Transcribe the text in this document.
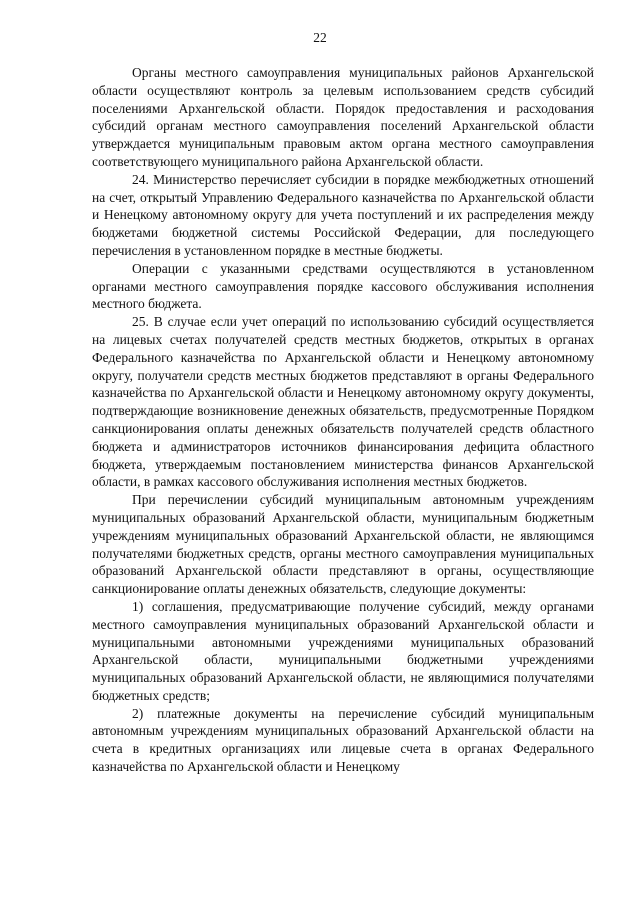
22

Органы местного самоуправления муниципальных районов Архангельской области осуществляют контроль за целевым использованием средств субсидий поселениями Архангельской области. Порядок предоставления и расходования субсидий органам местного самоуправления поселений Архангельской области утверждается муниципальным правовым актом органа местного самоуправления соответствующего муниципального района Архангельской области.

24. Министерство перечисляет субсидии в порядке межбюджетных отношений на счет, открытый Управлению Федерального казначейства по Архангельской области и Ненецкому автономному округу для учета поступлений и их распределения между бюджетами бюджетной системы Российской Федерации, для последующего перечисления в установленном порядке в местные бюджеты.

Операции с указанными средствами осуществляются в установленном органами местного самоуправления порядке кассового обслуживания исполнения местного бюджета.

25. В случае если учет операций по использованию субсидий осуществляется на лицевых счетах получателей средств местных бюджетов, открытых в органах Федерального казначейства по Архангельской области и Ненецкому автономному округу, получатели средств местных бюджетов представляют в органы Федерального казначейства по Архангельской области и Ненецкому автономному округу документы, подтверждающие возникновение денежных обязательств, предусмотренные Порядком санкционирования оплаты денежных обязательств получателей средств областного бюджета и администраторов источников финансирования дефицита областного бюджета, утверждаемым постановлением министерства финансов Архангельской области, в рамках кассового обслуживания исполнения местных бюджетов.

При перечислении субсидий муниципальным автономным учреждениям муниципальных образований Архангельской области, муниципальным бюджетным учреждениям муниципальных образований Архангельской области, не являющимся получателями бюджетных средств, органы местного самоуправления муниципальных образований Архангельской области представляют в органы, осуществляющие санкционирование оплаты денежных обязательств, следующие документы:

1) соглашения, предусматривающие получение субсидий, между органами местного самоуправления муниципальных образований Архангельской области и муниципальными автономными учреждениями муниципальных образований Архангельской области, муниципальными бюджетными учреждениями муниципальных образований Архангельской области, не являющимися получателями бюджетных средств;

2) платежные документы на перечисление субсидий муниципальным автономным учреждениям муниципальных образований Архангельской области на счета в кредитных организациях или лицевые счета в органах Федерального казначейства по Архангельской области и Ненецкому
